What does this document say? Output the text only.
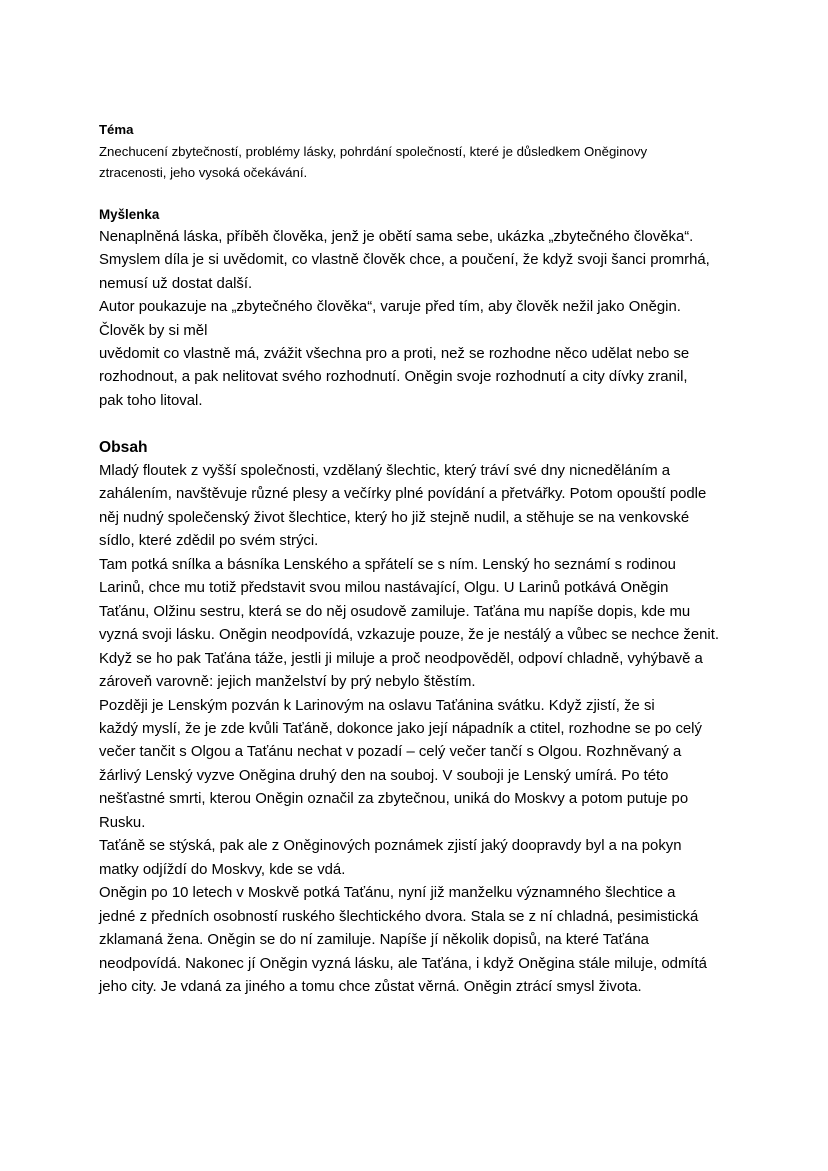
Téma

Znechucení zbytečností, problémy lásky, pohrdání společností, které je důsledkem Oněginovy

ztracenosti, jeho vysoká očekávání.

Myšlenka

Nenaplněná láska, příběh člověka, jenž je obětí sama sebe, ukázka „zbytečného člověka“.

Smyslem díla je si uvědomit, co vlastně člověk chce, a poučení, že když svoji šanci promrhá,

nemusí už dostat další.

Autor poukazuje na „zbytečného člověka“, varuje před tím, aby člověk nežil jako Oněgin.

Člověk by si měl

uvědomit co vlastně má, zvážit všechna pro a proti, než se rozhodne něco udělat nebo se

rozhodnout, a pak nelitovat svého rozhodnutí. Oněgin svoje rozhodnutí a city dívky zranil,

pak toho litoval.

Obsah

Mladý floutek z vyšší společnosti, vzdělaný šlechtic, který tráví své dny nicneděláním a

zahálením, navštěvuje různé plesy a večírky plné povídání a přetvářky. Potom opouští podle

něj nudný společenský život šlechtice, který ho již stejně nudil, a stěhuje se na venkovské

sídlo, které zdědil po svém strýci.

Tam potká snílka a básníka Lenského a spřátelí se s ním. Lenský ho seznámí s rodinou

Larinů, chce mu totiž představit svou milou nastávající, Olgu. U Larinů potkává Oněgin

Taťánu, Olžinu sestru, která se do něj osudově zamiluje. Taťána mu napíše dopis, kde mu

vyzná svoji lásku. Oněgin neodpovídá, vzkazuje pouze, že je nestálý a vůbec se nechce ženit.

Když se ho pak Taťána táže, jestli ji miluje a proč neodpověděl, odpoví chladně, vyhýbavě a

zároveň varovně: jejich manželství by prý nebylo štěstím.

Později je Lenským pozván k Larinovým na oslavu Taťánina svátku. Když zjistí, že si

každý myslí, že je zde kvůli Taťáně, dokonce jako její nápadník a ctitel, rozhodne se po celý

večer tančit s Olgou a Taťánu nechat v pozadí – celý večer tančí s Olgou. Rozhněvaný a

žárlivý Lenský vyzve Oněgina druhý den na souboj. V souboji je Lenský umírá. Po této

nešťastné smrti, kterou Oněgin označil za zbytečnou, uniká do Moskvy a potom putuje po

Rusku.

Taťáně se stýská, pak ale z Oněginových poznámek zjistí jaký doopravdy byl a na pokyn

matky odjíždí do Moskvy, kde se vdá.

Oněgin po 10 letech v Moskvě potká Taťánu, nyní již manželku významného šlechtice a

jedné z předních osobností ruského šlechtického dvora. Stala se z ní chladná, pesimistická

zklamaná žena. Oněgin se do ní zamiluje. Napíše jí několik dopisů, na které Taťána

neodpovídá. Nakonec jí Oněgin vyzná lásku, ale Taťána, i když Oněgina stále miluje, odmítá

jeho city. Je vdaná za jiného a tomu chce zůstat věrná. Oněgin ztrácí smysl života.
